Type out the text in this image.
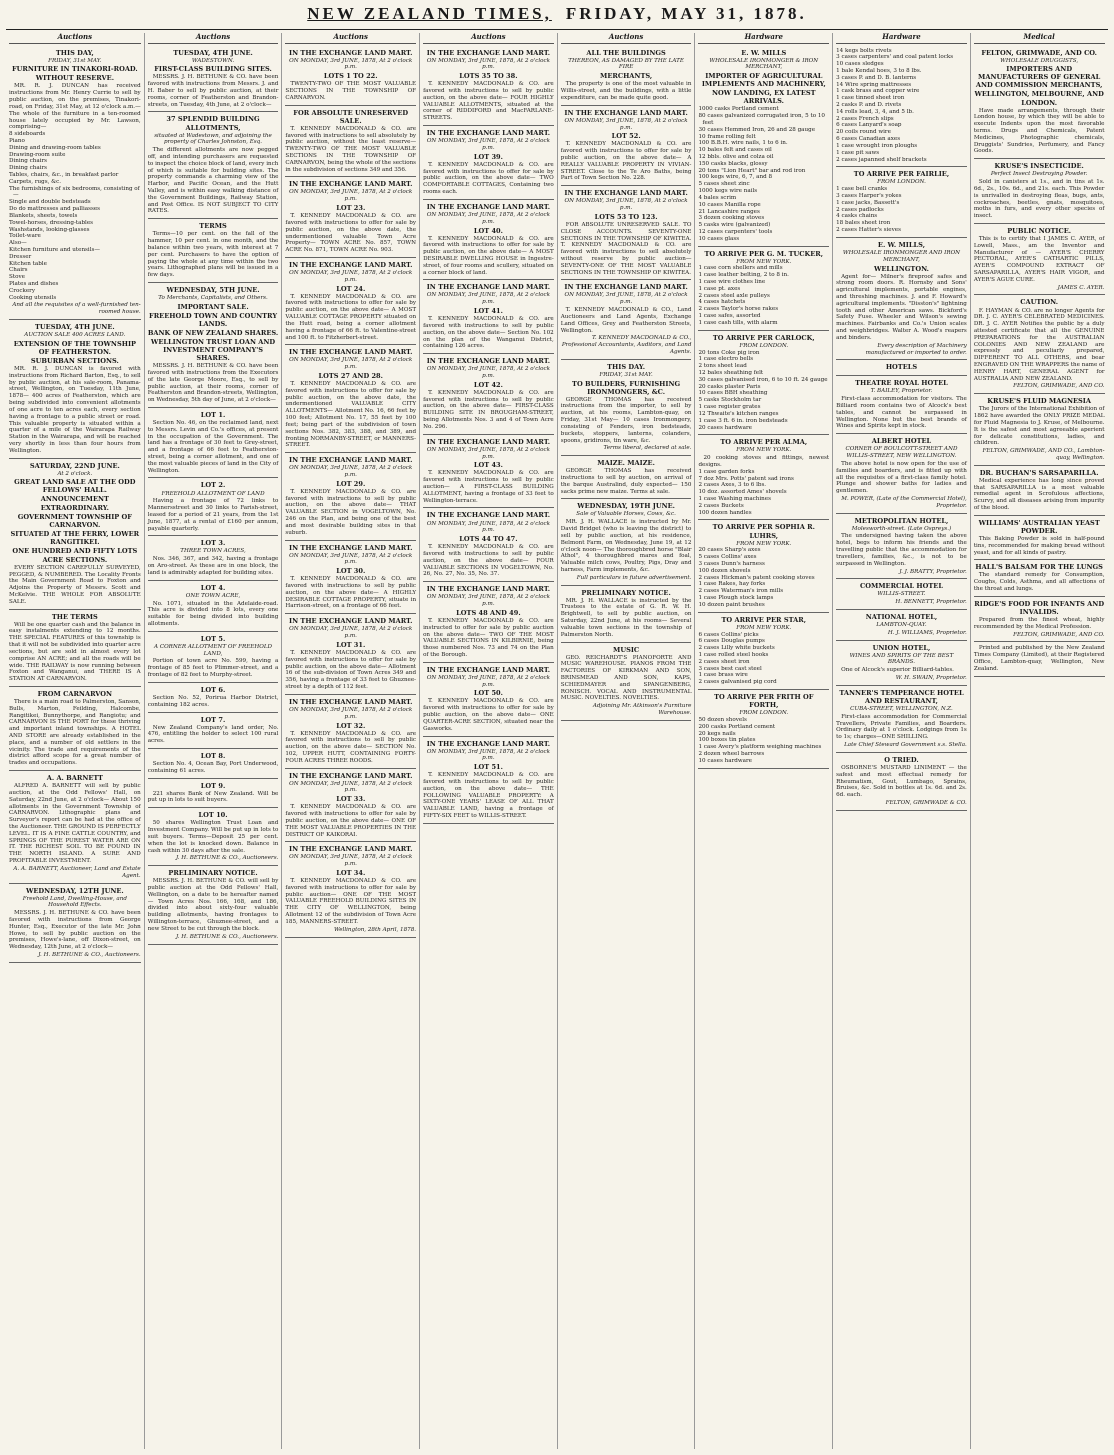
NEW ZEALAND TIMES, FRIDAY, MAY 31, 1878.
Auctions
THIS DAY,
FRIDAY, 31st MAY.
FURNITURE IN TINAKORI-ROAD.
WITHOUT RESERVE.

MR. R. J. DUNCAN has received instructions from Mr. Henry Currie to sell by public auction, on the premises, Tinakori-road, on Friday, 31st May, at 12 o'clock a.m.— The whole of the furniture in a ten-roomed house lately occupied by Mr. Lawson, comprising—

8 sideboards
Piano
Dining and drawing-room tables
Drawing-room suite
Dining chairs
Dining chairs
Tables, chairs, &c., in breakfast parlor
Carpets, rugs, &c.
The furnishings of six bedrooms, consisting of—
Single and double bedsteads
Do do mattresses and palliasses
Blankets, sheets, towels
Towel-horses, dressing-tables
Washstands, looking-glasses
Toilet-ware
Also—
Kitchen furniture and utensils—
Dresser
Kitchen table
Chairs
Stove
Plates and dishes
Crockery
Cooking utensils

And all the requisites of a well-furnished ten-roomed house.

TUESDAY, 4TH JUNE.
AUCTION SALE 400 ACRES LAND.
EXTENSION OF THE TOWNSHIP OF FEATHERSTON.
SUBURBAN SECTIONS.

MR. R. J. DUNCAN is favored with instructions from Richard Barton, Esq., to sell by public auction, at his sale-room, Panama-street, Wellington, on Tuesday, 11th June, 1878— 400 acres of Featherston, which are being subdivided into convenient allotments of one acre to ten acres each, every section having a frontage to a public street or road. This valuable property is situated within a quarter of a mile of the Wairarapa Railway Station in the Wairarapa, and will be reached very shortly in less than four hours from Wellington.

SATURDAY, 22ND JUNE.
At 2 o'clock.
GREAT LAND SALE AT THE ODD FELLOWS' HALL.
ANNOUNCEMENT EXTRAORDINARY.
GOVERNMENT TOWNSHIP OF CARNARVON.
SITUATED AT THE FERRY, LOWER RANGITIKEI.
ONE HUNDRED AND FIFTY LOTS
ACRE SECTIONS.

EVERY SECTION CAREFULLY SURVEYED, PEGGED, & NUMBERED. The Locality Fronts the Main Government Road to Foxton and Adjoins the Property of Messrs. Scott and McKelvie. THE WHOLE FOR ABSOLUTE SALE.

THE TERMS

Will be one quarter cash and the balance in easy instalments extending to 12 months. THE SPECIAL FEATURES of this township is that it will not be subdivided into quarter acre sections, but are sold in almost every lot comprise AN ACRE; and all the roads will be wide. THE RAILWAY is now running between Foxton and Wanganui, and THERE IS A STATION AT CARNARVON.

FROM CARNARVON

There is a main road to Palmerston, Sanson, Bulls, Marton, Feilding, Halcombe, Rangitikei, Bunnythorpe, and Rangiotu; and CARNARVON IS THE PORT for these thriving and important inland townships. A HOTEL AND STORE are already established in the place, and a number of old settlers in the vicinity. The trade and requirements of the district afford scope for a great number of trades and occupations.

A. A. BARNETT

ALFRED A. BARNETT will sell by public auction, at the Odd Fellows' Hall, on Saturday, 22nd June, at 2 o'clock— About 150 allotments in the Government Township of CARNARVON. Lithographic plans and Surveyor's report can be had at the office of the Auctioneer. THE GROUND IS PERFECTLY LEVEL. IT IS A FINE CATTLE COUNTRY, and SPRINGS OF THE PUREST WATER ARE ON IT. THE RICHEST SOIL TO BE FOUND IN THE NORTH ISLAND. A SURE AND PROFITABLE INVESTMENT.

A. A. BARNETT, Auctioneer, Land and Estate Agent.

WEDNESDAY, 12TH JUNE.
Freehold Land, Dwelling-House, and Household Effects.

MESSRS. J. H. BETHUNE & CO. have been favored with instructions from George Hunter, Esq., Executor of the late Mr. John Howe, to sell by public auction on the premises, Howe's-lane, off Dixon-street, on Wednesday, 12th June, at 2 o'clock—

J. H. BETHUNE & CO., Auctioneers.

Auctions
TUESDAY, 4TH JUNE.
WADESTOWN.
FIRST-CLASS BUILDING SITES.

MESSRS. J. H. BETHUNE & CO. have been favored with instructions from Messrs. J. and H. Baber to sell by public auction, at their rooms, corner of Featherston and Brandon-streets, on Tuesday, 4th June, at 2 o'clock—

37 SPLENDID BUILDING ALLOTMENTS,
situated at Wadestown, and adjoining the property of Charles Johnston, Esq.

The different allotments are now pegged off, and intending purchasers are requested to inspect the choice block of land, every inch of which is suitable for building sites. The property commands a charming view of the Harbor, and Pacific Ocean, and the Hutt Valley, and is within easy walking distance of the Government Buildings, Railway Station, and Post Office. IS NOT SUBJECT TO CITY RATES.

TERMS

Terms—10 per cent. on the fall of the hammer, 10 per cent. in one month, and the balance within two years, with interest at 7 per cent. Purchasers to have the option of paying the whole at any time within the two years. Lithographed plans will be issued in a few days.

WEDNESDAY, 5TH JUNE.
To Merchants, Capitalists, and Others.
IMPORTANT SALE.
FREEHOLD TOWN AND COUNTRY LANDS.
BANK OF NEW ZEALAND SHARES.
WELLINGTON TRUST LOAN AND INVESTMENT COMPANY'S SHARES.

MESSRS. J. H. BETHUNE & CO. have been favored with instructions from the Executors of the late George Moore, Esq., to sell by public auction, at their rooms, corner of Featherston and Brandon-streets, Wellington, on Wednesday, 5th day of June, at 2 o'clock—

LOT 1.

Section No. 46, on the reclaimed land, next to Messrs. Levin and Co.'s offices, at present in the occupation of the Government. The land has a frontage of 30 feet to Grey-street, and a frontage of 66 feet to Featherston-street, being a corner allotment, and one of the most valuable pieces of land in the City of Wellington.

LOT 2.
FREEHOLD ALLOTMENT OF LAND

Having a frontage of 72 links to Mannersstreet and 30 links to Farish-street, leased for a period of 21 years, from the 1st June, 1877, at a rental of £160 per annum, payable quarterly.

LOT 3.
THREE TOWN ACRES,

Nos. 346, 367, and 342, having a frontage on Aro-street. As these are in one block, the land is admirably adapted for building sites.

LOT 4.
ONE TOWN ACRE,

No. 1071, situated in the Adelaide-road. This acre is divided into 8 lots, every one suitable for being divided into building allotments.

LOT 5.
A CORNER ALLOTMENT OF FREEHOLD LAND,

Portion of town acre No. 599, having a frontage of 85 feet to Plimmer-street, and a frontage of 82 feet to Murphy-street.

LOT 6.

Section No. 52, Porirua Harbor District, containing 182 acres.

LOT 7.

New Zealand Company's land order, No. 476, entitling the holder to select 100 rural acres.

LOT 8.

Section No. 4, Ocean Bay, Port Underwood, containing 61 acres.

LOT 9.

221 shares Bank of New Zealand. Will be put up in lots to suit buyers.

LOT 10.

50 shares Wellington Trust Loan and Investment Company. Will be put up in lots to suit buyers. Terms—Deposit 25 per cent. when the lot is knocked down. Balance in cash within 30 days after the sale.

J. H. BETHUNE & CO., Auctioneers.

PRELIMINARY NOTICE.

MESSRS. J. H. BETHUNE & CO. will sell by public auction at the Odd Fellows' Hall, Wellington, on a date to be hereafter named— Town Acres Nos. 166, 168, and 186, divided into about sixty-four valuable building allotments, having frontages to Willington-terrace, Ghuznee-street, and a new Street to be cut through the block.

J. H. BETHUNE & CO., Auctioneers.

Auctions
IN THE EXCHANGE LAND MART.
ON MONDAY, 3rd JUNE, 1878, At 2 o'clock p.m.
LOTS 1 TO 22.

TWENTY-TWO OF THE MOST VALUABLE SECTIONS IN THE TOWNSHIP OF CARNARVON.

FOR ABSOLUTE UNRESERVED SALE.

T. KENNEDY MACDONALD & CO. are favored with instructions to sell absolutely by public auction, without the least reserve— TWENTY-TWO OF THE MOST VALUABLE SECTIONS IN THE TOWNSHIP OF CARNARVON, being the whole of the sections in the subdivision of sections 349 and 356.

IN THE EXCHANGE LAND MART.
ON MONDAY, 3rd JUNE, 1878, At 2 o'clock p.m.
LOT 23.

T. KENNEDY MACDONALD & CO. are favored with instructions to offer for sale by public auction, on the above date, the undermentioned valuable Town Acre Property— TOWN ACRE No. 857, TOWN ACRE No. 871, TOWN ACRE No. 903.

IN THE EXCHANGE LAND MART.
ON MONDAY, 3rd JUNE, 1878, At 2 o'clock p.m.
LOT 24.

T. KENNEDY MACDONALD & CO. are favored with instructions to offer for sale by public auction, on the above date— A MOST VALUABLE COTTAGE PROPERTY situated on the Hutt road, being a corner allotment having a frontage of 66 ft. to Valentine-street and 100 ft. to Fitzherbert-street.

IN THE EXCHANGE LAND MART.
ON MONDAY, 3rd JUNE, 1878, At 2 o'clock p.m.
LOTS 27 AND 28.

T. KENNEDY MACDONALD & CO. are favored with instructions to offer for sale by public auction, on the above date, the undermentioned VALUABLE CITY ALLOTMENTS— Allotment No. 16, 66 feet by 100 feet; Allotment No. 17, 55 feet by 100 feet; being part of the subdivision of town sections Nos. 382, 383, 388, and 389, and fronting NORMANBY-STREET, or MANNERS-STREET.

IN THE EXCHANGE LAND MART.
ON MONDAY, 3rd JUNE, 1878, At 2 o'clock p.m.
LOT 29.

T. KENNEDY MACDONALD & CO. are favored with instructions to sell by public auction, on the above date— THAT VALUABLE SECTION in VOGELTOWN, No. 246 on the Plan, and being one of the best and most desirable building sites in that suburb.

IN THE EXCHANGE LAND MART.
ON MONDAY, 3rd JUNE, 1878, At 2 o'clock p.m.
LOT 30.

T. KENNEDY MACDONALD & CO. are favored with instructions to sell by public auction, on the above date— A HIGHLY DESIRABLE COTTAGE PROPERTY, situate in Harrison-street, on a frontage of 66 feet.

IN THE EXCHANGE LAND MART.
ON MONDAY, 3rd JUNE, 1878, At 2 o'clock p.m.
LOT 31.

T. KENNEDY MACDONALD & CO. are favored with instructions to offer for sale by public auction, on the above date— Allotment 16 of the sub-division of Town Acres 349 and 356, having a frontage of 33 feet to Ghuznee-street by a depth of 112 feet.

IN THE EXCHANGE LAND MART.
ON MONDAY, 3rd JUNE, 1878, At 2 o'clock p.m.
LOT 32.

T. KENNEDY MACDONALD & CO. are favored with instructions to sell by public auction, on the above date— SECTION No. 102, UPPER HUTT, CONTAINING FORTY-FOUR ACRES THREE ROODS.

IN THE EXCHANGE LAND MART.
ON MONDAY, 3rd JUNE, 1878, At 2 o'clock p.m.
LOT 33.

T. KENNEDY MACDONALD & CO. are favored with instructions to offer for sale by public auction, on the above date— ONE OF THE MOST VALUABLE PROPERTIES IN THE DISTRICT OF KAIKORAI.

IN THE EXCHANGE LAND MART.
ON MONDAY, 3rd JUNE, 1878, At 2 o'clock p.m.
LOT 34.

T. KENNEDY MACDONALD & CO. are favored with instructions to offer for sale by public auction— ONE OF THE MOST VALUABLE FREEHOLD BUILDING SITES IN THE CITY OF WELLINGTON, being Allotment 12 of the subdivision of Town Acre 185, MANNERS-STREET.

Wellington, 28th April, 1878.

Auctions
IN THE EXCHANGE LAND MART.
ON MONDAY, 3rd JUNE, 1878, At 2 o'clock p.m.
LOTS 35 TO 38.

T. KENNEDY MACDONALD & CO. are favored with instructions to sell by public auction, on the above date— FOUR HIGHLY VALUABLE ALLOTMENTS, situated at the corner of RIDDIFORD and MacFARLANE-STREETS.

IN THE EXCHANGE LAND MART.
ON MONDAY, 3rd JUNE, 1878, At 2 o'clock p.m.
LOT 39.

T. KENNEDY MACDONALD & CO. are favored with instructions to offer for sale by public auction, on the above date— TWO COMFORTABLE COTTAGES, Containing two rooms each.

IN THE EXCHANGE LAND MART.
ON MONDAY, 3rd JUNE, 1878, At 2 o'clock p.m.
LOT 40.

T. KENNEDY MACDONALD & CO. are favored with instructions to offer for sale by public auction, on the above date— A MOST DESIRABLE DWELLING HOUSE in Ingestre-street, of four rooms and scullery, situated on a corner block of land.

IN THE EXCHANGE LAND MART.
ON MONDAY, 3rd JUNE, 1878, At 2 o'clock p.m.
LOT 41.

T. KENNEDY MACDONALD & CO. are favored with instructions to sell by public auction, on the above date— Section No. 102 on the plan of the Wanganui District, containing 126 acres.

IN THE EXCHANGE LAND MART.
ON MONDAY, 3rd JUNE, 1878, At 2 o'clock p.m.
LOT 42.

T. KENNEDY MACDONALD & CO. are favored with instructions to sell by public auction, on the above date— FIRST-CLASS BUILDING SITE IN BROUGHAM-STREET, being Allotments Nos. 3 and 4 of Town Acre No. 296.

IN THE EXCHANGE LAND MART.
ON MONDAY, 3rd JUNE, 1878, At 2 o'clock p.m.
LOT 43.

T. KENNEDY MACDONALD & CO. are favored with instructions to sell by public auction— A FIRST-CLASS BUILDING ALLOTMENT, having a frontage of 33 feet to Wellington-terrace.

IN THE EXCHANGE LAND MART.
ON MONDAY, 3rd JUNE, 1878, At 2 o'clock p.m.
LOTS 44 TO 47.

T. KENNEDY MACDONALD & CO. are favored with instructions to sell by public auction, on the above date— FOUR VALUABLE SECTIONS IN VOGELTOWN, No. 26, No. 27, No. 35, No. 37.

IN THE EXCHANGE LAND MART.
ON MONDAY, 3rd JUNE, 1878, At 2 o'clock p.m.
LOTS 48 AND 49.

T. KENNEDY MACDONALD & CO. are instructed to offer for sale by public auction on the above date— TWO OF THE MOST VALUABLE SECTIONS IN KILBIRNIE, being those numbered Nos. 73 and 74 on the Plan of the Borough.

IN THE EXCHANGE LAND MART.
ON MONDAY, 3rd JUNE, 1878, At 2 o'clock p.m.
LOT 50.

T. KENNEDY MACDONALD & CO. are favored with instructions to offer for sale by public auction, on the above date— ONE QUARTER-ACRE SECTION, situated near the Gasworks.

IN THE EXCHANGE LAND MART.
ON MONDAY, 3rd JUNE, 1878, At 2 o'clock p.m.
LOT 51.

T. KENNEDY MACDONALD & CO. are favored with instructions to sell by public auction, on the above date— THE FOLLOWING VALUABLE PROPERTY: A SIXTY-ONE YEARS' LEASE OF ALL THAT VALUABLE LAND, having a frontage of FIFTY-SIX FEET to WILLIS-STREET.

Auctions
ALL THE BUILDINGS
THEREON, AS DAMAGED BY THE LATE FIRE
MERCHANTS,

The property is one of the most valuable in Willis-street, and the buildings, with a little expenditure, can be made quite good.

IN THE EXCHANGE LAND MART.
ON MONDAY, 3rd JUNE, 1878, At 2 o'clock p.m.
LOT 52.

T. KENNEDY MACDONALD & CO. are favored with instructions to offer for sale by public auction, on the above date— A REALLY VALUABLE PROPERTY IN VIVIAN-STREET. Close to the Te Aro Baths, being Part of Town Section No. 228.

IN THE EXCHANGE LAND MART.
ON MONDAY, 3rd JUNE, 1878, At 2 o'clock p.m.
LOTS 53 TO 123.

FOR ABSOLUTE UNRESERVED SALE. TO CLOSE ACCOUNTS. SEVENTY-ONE SECTIONS IN THE TOWNSHIP OF KIWITEA. T. KENNEDY MACDONALD & CO. are favored with instructions to sell absolutely without reserve by public auction— SEVENTY-ONE OF THE MOST VALUABLE SECTIONS IN THE TOWNSHIP OF KIWITEA.

IN THE EXCHANGE LAND MART.
ON MONDAY, 3rd JUNE, 1878, At 2 o'clock p.m.

T. KENNEDY MACDONALD & CO., Land Auctioneers and Land Agents, Exchange Land Offices, Grey and Featherston Streets, Wellington.

T. KENNEDY MACDONALD & CO., Professional Accountants, Auditors, and Land Agents.

THIS DAY.
FRIDAY, 31st MAY.
TO BUILDERS, FURNISHING IRONMONGERS, &C.

GEORGE THOMAS has received instructions from the importer, to sell by auction, at his rooms, Lambton-quay, on Friday, 31st May— 10 cases Ironmongery, consisting of Fenders, iron bedsteads, buckets, stoppers, lanterns, colanders, spoons, gridirons, tin ware, &c.

Terms liberal, declared at sale.

MAIZE. MAIZE.

GEORGE THOMAS has received instructions to sell by auction, on arrival of the barque Australind, duly expected— 150 sacks prime new maize. Terms at sale.

WEDNESDAY, 19TH JUNE.
Sale of Valuable Horses, Cows, &c.

MR. J. H. WALLACE is instructed by Mr. David Bridget (who is leaving the district) to sell by public auction, at his residence, Belmont Farm, on Wednesday, June 19, at 12 o'clock noon— The thoroughbred horse "Blair Athol", 4 thoroughbred mares and foal, Valuable milch cows, Poultry, Pigs, Dray and harness, Farm implements, &c.

Full particulars in future advertisement.

PRELIMINARY NOTICE.

MR. J. H. WALLACE is instructed by the Trustees to the estate of G. R. W. H. Brightwell, to sell by public auction, on Saturday, 22nd June, at his rooms— Several valuable town sections in the township of Palmerston North.

MUSIC

GEO. REICHARDT'S PIANOFORTE AND MUSIC WAREHOUSE. PIANOS FROM THE FACTORIES OF KIRKMAN AND SON, BRINSMEAD AND SON, KAPS, SCHIEDMAYER and SPANGENBERG, RONISCH. VOCAL AND INSTRUMENTAL MUSIC. NOVELTIES. NOVELTIES.

Adjoining Mr. Atkinson's Furniture Warehouse.

Hardware
E. W. MILLS
WHOLESALE IRONMONGER & IRON MERCHANT,
IMPORTER OF AGRICULTURAL IMPLEMENTS AND MACHINERY,
NOW LANDING, EX LATEST ARRIVALS.
1000 casks Portland cement
80 cases galvanized corrugated iron, 5 to 10 feet
30 cases Hemmed Iron, 26 and 28 gauge
10 frame rolling felt
100 B.B.H. wire nails, 1 to 6 in.
10 bales felt and cases oil
12 bbls. olive and colza oil
150 casks blacks, glossy
20 tons "Lion Heart" bar and rod iron
100 kegs wire, 6, 7, and 8
5 cases sheet zinc
1000 kegs wire nails
4 bales scrim
10 cases Manilla rope
21 Lancashire ranges
3 dozen cooking stoves
5 casks wire (galvanized)
12 cases carpenters' tools
10 cases glass
TO ARRIVE PER G. M. TUCKER,
FROM NEW YORK.
1 case corn shellers and mills
1 case leather belting, 2 to 8 in.
1 case wire clothes line
1 case pt. axes
2 cases steel axle pulleys
4 cases hatchets
2 cases Taylor's horse rakes
1 case safes, assorted
1 case cash tills, with alarm
TO ARRIVE PER CARLOCK,
FROM LONDON.
20 tons Coke pig iron
1 case electro bells
2 tons sheet lead
12 bales sheathing felt
30 cases galvanised iron, 6 to 10 ft. 24 gauge
20 casks plaster Paris
10 cases BBH sheathing
5 casks Stockholm tar
1 case register grates
12 Thwaite's kitchen ranges
1 case 3 ft. 6 in. iron bedsteads
20 cases hardware
TO ARRIVE PER ALMA,
FROM NEW YORK.

20 cooking stoves and fittings, newest designs.

1 case garden forks
7 doz Mrs. Potts' patent sad irons
2 cases Axes, 3 to 6 lbs.
10 doz. assorted Ames' shovels
1 case Washing machines
2 cases Buckets
100 dozen handles
TO ARRIVE PER SOPHIA R. LUHRS,
FROM NEW YORK.
20 cases Sharp's axes
5 cases Collins' axes
3 cases Dunn's harness
100 dozen shovels
2 cases Hickman's patent cooking stoves
1 case Rakes, hay forks
2 cases Waterman's iron mills
1 case Plough stock lamps
10 dozen paint brushes
TO ARRIVE PER STAR,
FROM NEW YORK.
6 cases Collins' picks
6 cases Douglas pumps
2 cases Lilly white buckets
1 case rolled steel hooks
2 cases sheet iron
3 cases best cast steel
1 case brass wire
2 cases galvanised pig cord
TO ARRIVE PER FRITH OF FORTH,
FROM LONDON.
50 dozen shovels
200 casks Portland cement
20 kegs nails
100 boxes tin plates
1 case Avery's platform weighing machines
2 dozen wheel barrows
10 cases hardware
Hardware
14 kegs bolts rivets
3 cases carpenters' and coal patent locks
10 cases sledges
1 bale Kendal hoes, 3 to 8 lbs.
3 cases P. and D. B. lanterns
14 Wire spring mattresses
1 cask brass and copper wire
1 case tinned sheet iron
2 casks P. and D. rivets
14 rolls lead, 3, 4, and 5 lb.
2 cases French slips
6 cases Lanyard's soap
20 coils round wire
6 cases Canadian axes
1 case wrought iron ploughs
1 case pit saws
2 cases japanned shelf brackets
TO ARRIVE PER FAIRLIE,
FROM LONDON.
1 case bell cranks
3 cases Harper's yokes
1 case jacks, Bassett's
2 cases padlocks
4 casks chains
18 bales sheet iron
2 cases Hatter's sieves
E. W. MILLS,
WHOLESALE IRONMONGER AND IRON MERCHANT,
WELLINGTON.

Agent for— Milner's fireproof safes and strong room doors. R. Hornsby and Sons' agricultural implements, portable engines, and threshing machines. J. and F. Howard's agricultural implements. "Disston's" lightning tooth and other American saws. Bickford's Safety Fuse. Wheeler and Wilson's sewing machines. Fairbanks and Co.'s Union scales and weighbridges. Walter A. Wood's reapers and binders.

Every description of Machinery manufactured or imported to order.

HOTELS
THEATRE ROYAL HOTEL
T. BAILEY, Proprietor.

First-class accommodation for visitors. The Billiard room contains two of Alcock's best tables, and cannot be surpassed in Wellington. None but the best brands of Wines and Spirits kept in stock.

ALBERT HOTEL
CORNER OF BOULCOTT-STREET AND WILLIS-STREET, NEW WELLINGTON.

The above hotel is now open for the use of families and boarders, and is fitted up with all the requisites of a first-class family hotel. Plunge and shower baths for ladies and gentlemen.

M. POWER, (Late of the Commercial Hotel), Proprietor.

METROPOLITAN HOTEL,
Molesworth-street. (Late Ospreys.)

The undersigned having taken the above hotel, begs to inform his friends and the travelling public that the accommodation for travellers, families, &c., is not to be surpassed in Wellington.

J. J. BRATTY, Proprietor.

COMMERCIAL HOTEL
WILLIS-STREET.

H. BENNETT, Proprietor.

NATIONAL HOTEL,
LAMBTON-QUAY.

H. J. WILLIAMS, Proprietor.

UNION HOTEL,
WINES AND SPIRITS OF THE BEST BRANDS.

One of Alcock's superior Billiard-tables.

W. H. SWAIN, Proprietor.

TANNER'S TEMPERANCE HOTEL AND RESTAURANT,
CUBA-STREET, WELLINGTON, N.Z.

First-class accommodation for Commercial Travellers, Private Families, and Boarders. Ordinary daily at 1 o'clock. Lodgings from 1s to 1s; charges—ONE SHILLING.

Late Chief Steward Government s.s. Stella.

O TRIED.

OSBORNE'S MUSTARD LINIMENT — the safest and most effectual remedy for Rheumatism, Gout, Lumbago, Sprains, Bruises, &c. Sold in bottles at 1s. 6d. and 2s. 6d. each.

FELTON, GRIMWADE & CO.

Medical
FELTON, GRIMWADE, AND CO.
WHOLESALE DRUGGISTS,
IMPORTERS AND MANUFACTURERS OF GENERAL AND COMMISSION MERCHANTS,
WELLINGTON, MELBOURNE, AND LONDON.

Have made arrangements, through their London house, by which they will be able to execute Indents upon the most favorable terms. Drugs and Chemicals, Patent Medicines, Photographic chemicals, Druggists' Sundries, Perfumery, and Fancy Goods.

KRUSE'S INSECTICIDE.
Perfect Insect Destroying Powder.

Sold in canisters at 1s., and in tins at 1s. 6d., 2s., 10s. 6d., and 21s. each. This Powder is unrivalled in destroying fleas, bugs, ants, cockroaches, beetles, gnats, mosquitoes, moths in furs, and every other species of insect.

PUBLIC NOTICE.

This is to certify that I JAMES C. AYER, of Lowell, Mass., am the Inventor and Manufacturer of — AYER'S CHERRY PECTORAL, AYER'S CATHARTIC PILLS, AYER'S COMPOUND EXTRACT OF SARSAPARILLA, AYER'S HAIR VIGOR, and AYER'S AGUE CURE.

JAMES C. AYER.

CAUTION.

F. HAYMAN & CO. are no longer Agents for DR. J. C. AYER'S CELEBRATED MEDICINES. DR. J. C. AYER Notifies the public by a duly attested certificate that all the GENUINE PREPARATIONS for the AUSTRALIAN COLONIES AND NEW ZEALAND are expressly and peculiarly prepared, DIFFERENT TO ALL OTHERS, and bear ENGRAVED ON THE WRAPPERS the name of HENRY HART, GENERAL AGENT for AUSTRALIA AND NEW ZEALAND.

FELTON, GRIMWADE, AND CO.

KRUSE'S FLUID MAGNESIA

The Jurors of the International Exhibition of 1862 have awarded the ONLY PRIZE MEDAL for Fluid Magnesia to J. Kruse, of Melbourne. It is the safest and most agreeable aperient for delicate constitutions, ladies, and children.

FELTON, GRIMWADE, AND CO., Lambton-quay, Wellington.

DR. BUCHAN'S SARSAPARILLA.

Medical experience has long since proved that SARSAPARILLA is a most valuable remedial agent in Scrofulous affections, Scurvy, and all diseases arising from impurity of the blood.

WILLIAMS' AUSTRALIAN YEAST POWDER.

This Baking Powder is sold in half-pound tins, recommended for making bread without yeast, and for all kinds of pastry.

HALL'S BALSAM FOR THE LUNGS

The standard remedy for Consumption, Coughs, Colds, Asthma, and all affections of the throat and lungs.

RIDGE'S FOOD FOR INFANTS AND INVALIDS.

Prepared from the finest wheat, highly recommended by the Medical Profession.

FELTON, GRIMWADE, AND CO.

Printed and published by the New Zealand Times Company (Limited), at their Registered Office, Lambton-quay, Wellington, New Zealand.
